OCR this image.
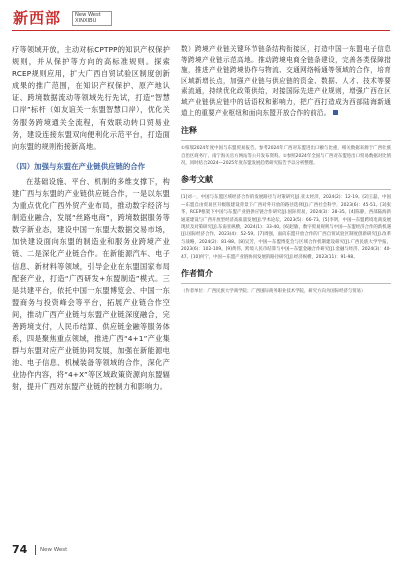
新西部	New West
XINXIBU

疗等领域开放，主动对标CPTPP的知识产权保护规则，并从保护等方向的高标准规则。探索RCEP规则应用，扩大广西自贸试验区制度创新成果的推广范围，在知识产权保护、原产地认证、跨境数据流动等领域先行先试，打造“智慧口岸”标杆（如友谊关一东盟智慧口岸），优化关务服务跨境通关全流程，有效联动转口贸易业务，建设连接东盟双向便利化示范平台，打造面向东盟的规则衔接新高地。

（四）加强与东盟在产业链供应链的合作

在基础设施、平台、机制的多维支撑下，构建广西与东盟的产业链供应链合作，一是以东盟为重点优化广西外贸产业布局，推动数字经济与制造业融合，发展“丝路电商”，跨境数据服务等数字新业态，建设中国一东盟大数据交易市场，加快建设面向东盟的制造业和服务业跨境产业链、二是深化产业链合作。在新能源汽车、电子信息、新材料等领域，引导企业在东盟国家布局配套产业，打造“广西研发+东盟制造”模式。三是共建平台，依托中国一东盟博览会、中国一东盟商务与投资峰会等平台，拓展产业链合作空间，推动广西产业链与东盟产业链深度融合，完善跨境支付，人民币结算、供应链金融等服务体系，四是聚焦重点领域，推进广西“4+1”产业集群与东盟对应产业链协同发展，加强在新能源电池、电子信息、机械装备等领域的合作，深化产业协作内容，将“4+X”等区域政策资源向东盟辐射，提升广西对东盟产业链的控制力和影响力。

数）跨境产业链关键环节链条结构衔接区，打造中国一东盟电子信息等跨境产业链示范高地。推动跨境电商全链条建设，完善各类保障措施，推进产业链跨境协作与物流、交通网络畅通等领域的合作，培育区域新增长点，加强产业链与供应链的资金、数据、人才、技术等要素流通，持续优化政策供给，对接国际先进产业规则，增强广西在区域产业链供应链中的话语权和影响力，把广西打造成为西部陆海新通道上的重要产业枢纽和面向东盟开放合作的前沿。

注释

①柏瑞2024年度中国与东盟贸易报告。参考2024年广西对东盟进出口额与比重，相关数据来源于广西壮族自治区商务厅、南宁海关官方网站等公开发布资料。②参照2024年全国与广西对东盟进出口贸易数据对比情况，同时结合2024—2025年度东盟发展趋势研究报告予以分析整理。

参考文献

[1]刘一，中国与东盟区域经济合作的发展路径与对策研究[J].亚太经济，2024(2)：12-19。[2]王磊，中国—东盟自由贸易区升级版建设背景下广西对外开放的路径选择[J].广西社会科学，2023(6)：45-51。[3]张华，RCEP框架下中国与东盟产业链供应链合作研究[J].国际贸易，2024(3)：28-35。[4]陈静，西部陆海新通道建设与广西开放型经济高质量发展[J].学术论坛，2023(5)：66-73。[5]李明，中国—东盟跨境电商发展现状及对策研究[J].东南亚纵横，2024(1)：33-40。[6]赵敏，数字贸易规则与中国—东盟经济合作的新机遇[J].国际经济合作，2023(4)：52-59。[7]周强，面向东盟开放合作的广西自贸试验区制度创新研究[J].改革与战略，2024(2)：81-88。[8]吴芳，中国—东盟博览会与区域合作机制建设研究[J].广西民族大学学报，2023(6)：102-109。[9]黄伟，跨境人民币结算与中国—东盟金融合作研究[J].金融与经济，2024(3)：40-47。[10]何宁，中国—东盟产业链协同发展的路径研究[J].经济纵横，2023(11)：91-98。

作者简介

（作者单位：广西民族大学商学院；广西国际商务职业技术学院，研究方向为国际经济与贸易）

74 New West
